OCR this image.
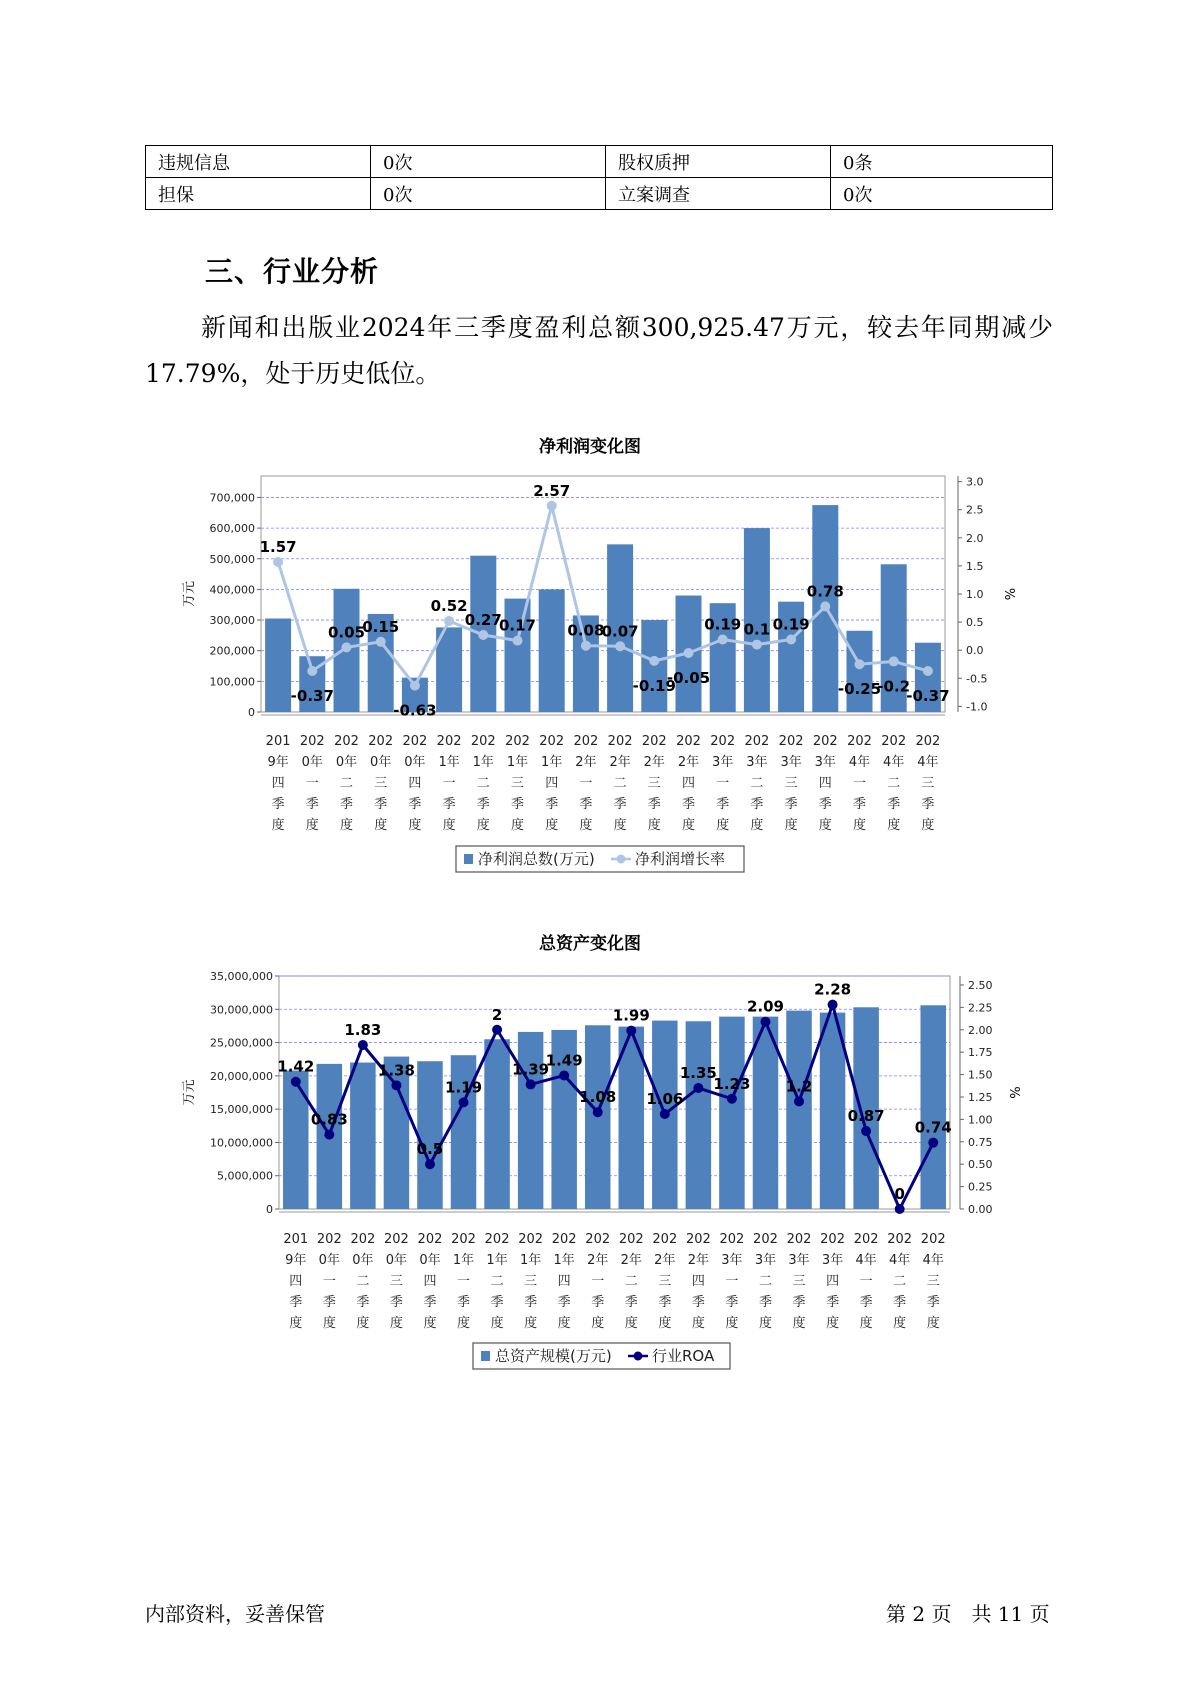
违规信息	0次	股权质押	0条
担保	0次	立案调查	0次
三、行业分析
新闻和出版业2024年三季度盈利总额300,925.47万元，较去年同期减少17.79%，处于历史低位。
净利润变化图
0
100,000
200,000
300,000
400,000
500,000
600,000
700,000
-1.0
-0.5
0.0
0.5
1.0
1.5
2.0
2.5
3.0
万元	%
201 9年四季度
202 0年一季度
202 0年二季度
202 0年三季度
202 0年四季度
202 1年一季度
202 1年二季度
202 1年三季度
202 1年四季度
202 2年一季度
202 2年二季度
202 2年三季度
202 2年四季度
202 3年一季度
202 3年二季度
202 3年三季度
202 3年四季度
202 4年一季度
202 4年二季度
202 4年三季度
1.57
-0.37
0.05
0.15
-0.63
0.52
0.27
0.17
2.57
0.08
0.07
-0.19
-0.05
0.19 0.1 0.19
0.78
-0.25
-0.2
-0.37
净利润总数(万元)	净利润增长率
总资产变化图
0
5,000,000
10,000,000
15,000,000
20,000,000
25,000,000
30,000,000
35,000,000
0.00
0.25
0.50
0.75
1.00
1.25
1.50
1.75
2.00
2.25
2.50
万元	%
201 9年四季度
202 0年一季度
202 0年二季度
202 0年三季度
202 0年四季度
202 1年一季度
202 1年二季度
202 1年三季度
202 1年四季度
202 2年一季度
202 2年二季度
202 2年三季度
202 2年四季度
202 3年一季度
202 3年二季度
202 3年三季度
202 3年四季度
202 4年一季度
202 4年二季度
202 4年三季度
1.42
0.83
1.83
1.38
0.5
1.19
2
1.39
1.49
1.08
1.99
1.06
1.35
1.23
2.09
1.2
2.28
0.87
0
0.74
总资产规模(万元)	行业ROA
内部资料，妥善保管	第 2 页　共 11 页
